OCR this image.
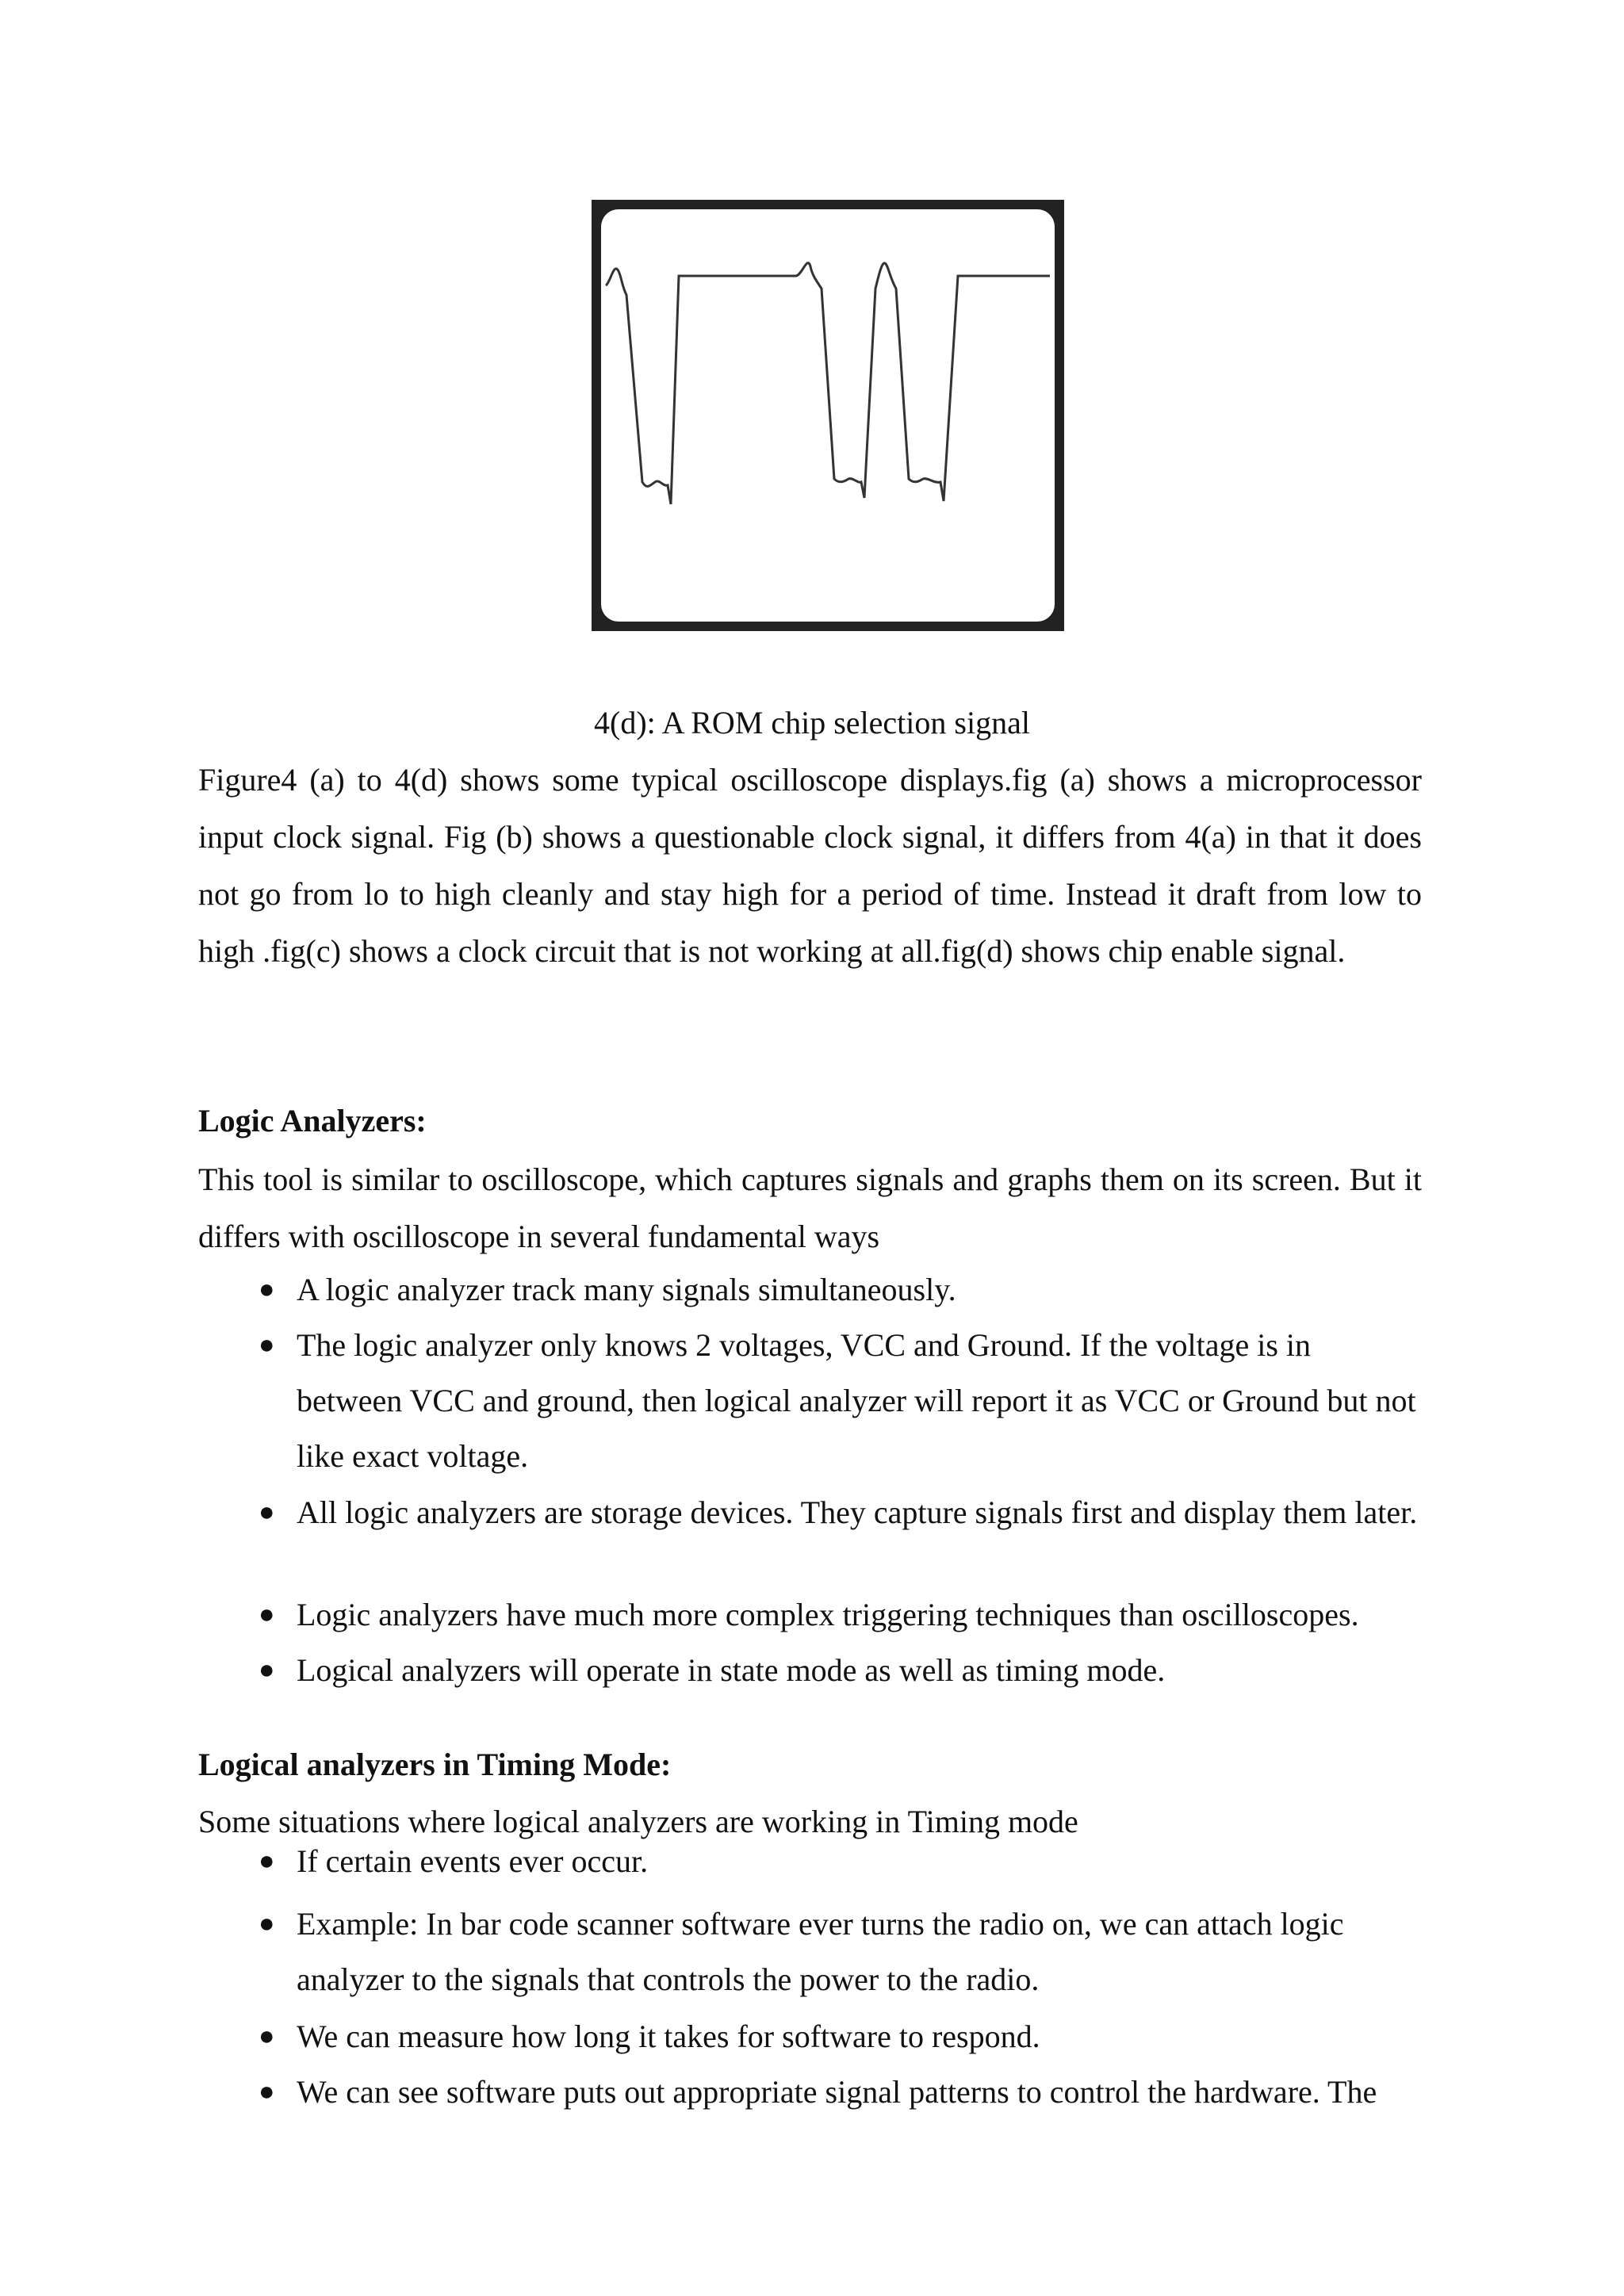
4(d): A ROM chip selection signal
Figure4 (a) to 4(d) shows some typical oscilloscope displays.fig (a) shows a microprocessor input clock signal. Fig (b) shows a questionable clock signal, it differs from 4(a) in that it does not go from lo to high cleanly and stay high for a period of time. Instead it draft from low to high .fig(c) shows a clock circuit that is not working at all.fig(d) shows chip enable signal.
Logic Analyzers:
This tool is similar to oscilloscope, which captures signals and graphs them on its screen. But it differs with oscilloscope in several fundamental ways
● A logic analyzer track many signals simultaneously.
● The logic analyzer only knows 2 voltages, VCC and Ground. If the voltage is in between VCC and ground, then logical analyzer will report it as VCC or Ground but not like exact voltage.
● All logic analyzers are storage devices. They capture signals first and display them later.
● Logic analyzers have much more complex triggering techniques than oscilloscopes.
● Logical analyzers will operate in state mode as well as timing mode.
Logical analyzers in Timing Mode:
Some situations where logical analyzers are working in Timing mode
● If certain events ever occur.
● Example: In bar code scanner software ever turns the radio on, we can attach logic analyzer to the signals that controls the power to the radio.
● We can measure how long it takes for software to respond.
● We can see software puts out appropriate signal patterns to control the hardware. The
